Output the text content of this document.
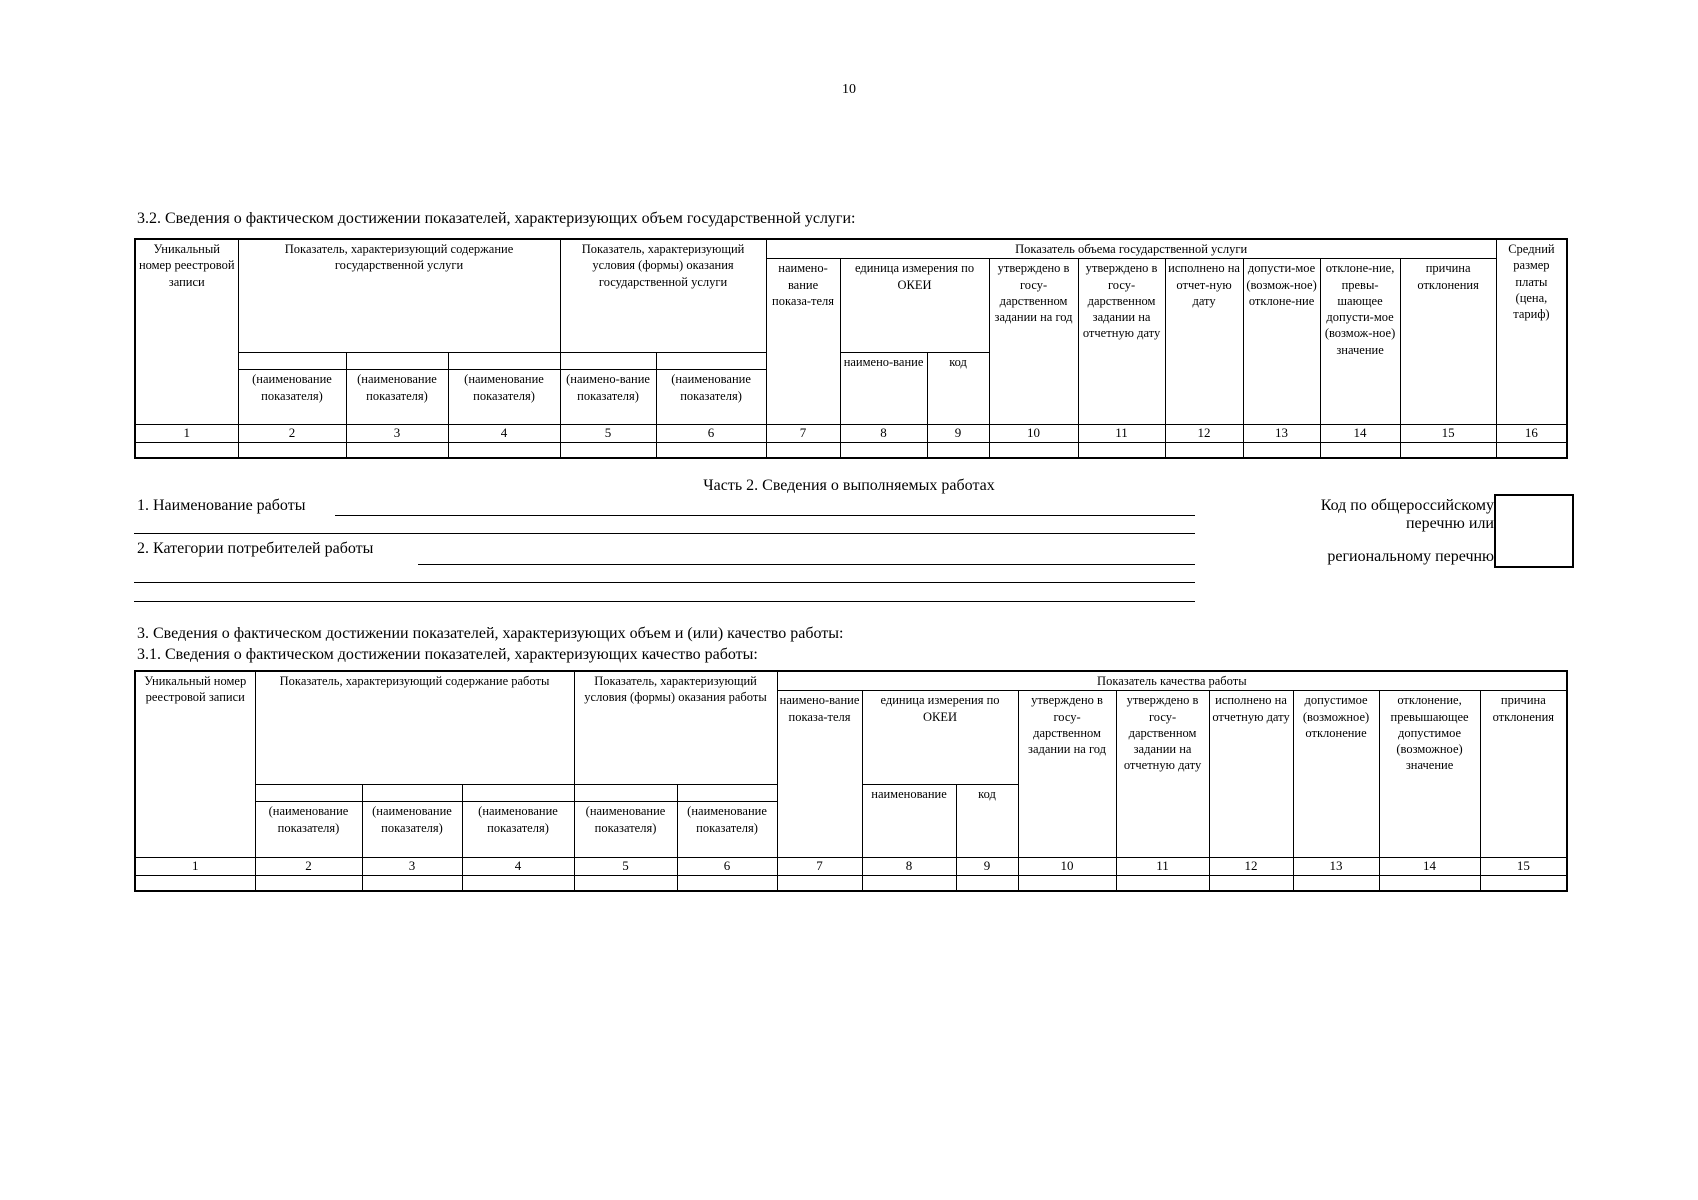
10
3.2. Сведения о фактическом достижении показателей, характеризующих объем государственной услуги:
Уникальный номер реестровой записи	Показатель, характеризующий содержание государственной услуги			Показатель, характеризующий условия (формы) оказания государственной услуги		Показатель объема государственной услуги									Средний размер платы (цена, тариф)
						наимено-вание показа-теля	единица измерения по ОКЕИ		утверждено в госу-дарственном задании на год	утверждено в госу-дарственном задании на отчетную дату	исполнено на отчет-ную дату	допусти-мое (возмож-ное) отклоне-ние	отклоне-ние, превы-шающее допусти-мое (возмож-ное) значение	причина отклонения	
							наимено-вание	код							
	(наименование показателя)	(наименование показателя)	(наименование показателя)	(наимено-вание показателя)	(наименование показателя)										
1	2	3	4	5	6	7	8	9	10	11	12	13	14	15	16

Часть 2. Сведения о выполняемых работах
1. Наименование работы
2. Категории потребителей работы
Код по общероссийскому
перечню или
региональному перечню
3. Сведения о фактическом достижении показателей, характеризующих объем и (или) качество работы:
3.1. Сведения о фактическом достижении показателей, характеризующих качество работы:
Уникальный номер реестровой записи	Показатель, характеризующий содержание работы			Показатель, характеризующий условия (формы) оказания работы		Показатель качества работы								
						наимено-вание показа-теля	единица измерения по ОКЕИ		утверждено в госу-дарственном задании на год	утверждено в госу-дарственном задании на отчетную дату	исполнено на отчетную дату	допустимое (возможное) отклонение	отклонение, превышающее допустимое (возможное) значение	причина отклонения
							наименование	код						
	(наименование показателя)	(наименование показателя)	(наименование показателя)	(наименование показателя)	(наименование показателя)									
1	2	3	4	5	6	7	8	9	10	11	12	13	14	15
